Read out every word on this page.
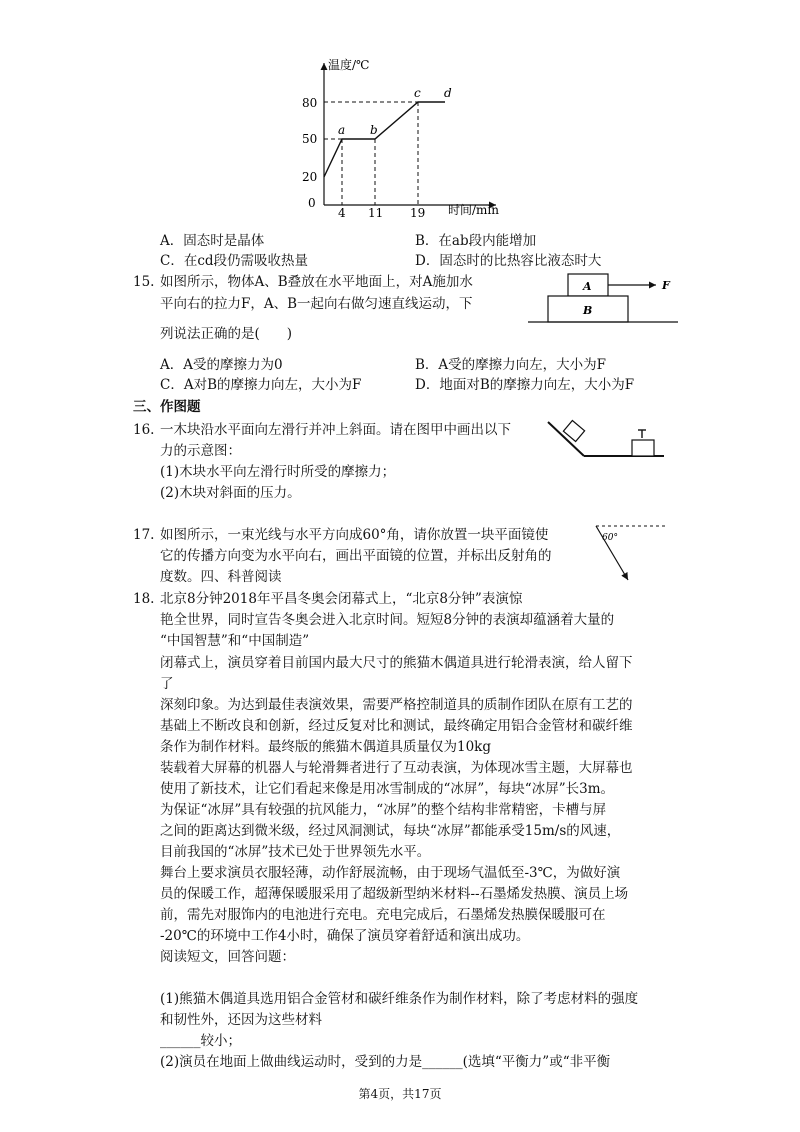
温度/℃
时间/min
0
80
50
20
4 11 19
a b
c d
A．固态时是晶体	B．在ab段内能增加
C．在cd段仍需吸收热量	D．固态时的比热容比液态时大
15. 如图所示，物体A、B叠放在水平地面上，对A施加水
平向右的拉力F，A、B一起向右做匀速直线运动，下
列说法正确的是(　　)
A
B
F
A．A受的摩擦力为0	B．A受的摩擦力向左，大小为F
C．A对B的摩擦力向左，大小为F	D．地面对B的摩擦力向左，大小为F
三、作图题
16. 一木块沿水平面向左滑行并冲上斜面。请在图甲中画出以下
力的示意图：
(1)木块水平向左滑行时所受的摩擦力；
(2)木块对斜面的压力。
17. 如图所示，一束光线与水平方向成60°角，请你放置一块平面镜使
它的传播方向变为水平向右，画出平面镜的位置，并标出反射角的
度数。四、科普阅读
60°
18. 北京8分钟2018年平昌冬奥会闭幕式上，“北京8分钟”表演惊
艳全世界，同时宣告冬奥会进入北京时间。短短8分钟的表演却蕴涵着大量的
“中国智慧”和“中国制造”
闭幕式上，演员穿着目前国内最大尺寸的熊猫木偶道具进行轮滑表演，给人留下
了
深刻印象。为达到最佳表演效果，需要严格控制道具的质制作团队在原有工艺的
基础上不断改良和创新，经过反复对比和测试，最终确定用铝合金管材和碳纤维
条作为制作材料。最终版的熊猫木偶道具质量仅为10kg
装载着大屏幕的机器人与轮滑舞者进行了互动表演，为体现冰雪主题，大屏幕也
使用了新技术，让它们看起来像是用冰雪制成的“冰屏”，每块“冰屏”长3m。
为保证“冰屏”具有较强的抗风能力，“冰屏”的整个结构非常精密，卡槽与屏
之间的距离达到微米级，经过风洞测试，每块“冰屏”都能承受15m/s的风速，
目前我国的“冰屏”技术已处于世界领先水平。
舞台上要求演员衣服轻薄，动作舒展流畅，由于现场气温低至-3℃，为做好演
员的保暖工作，超薄保暖服采用了超级新型纳米材料--石墨烯发热膜、演员上场
前，需先对服饰内的电池进行充电。充电完成后，石墨烯发热膜保暖服可在
-20℃的环境中工作4小时，确保了演员穿着舒适和演出成功。
阅读短文，回答问题：
(1)熊猫木偶道具选用铝合金管材和碳纤维条作为制作材料，除了考虑材料的强度
和韧性外，还因为这些材料
______较小；
(2)演员在地面上做曲线运动时，受到的力是______(选填“平衡力”或“非平衡
第4页，共17页
